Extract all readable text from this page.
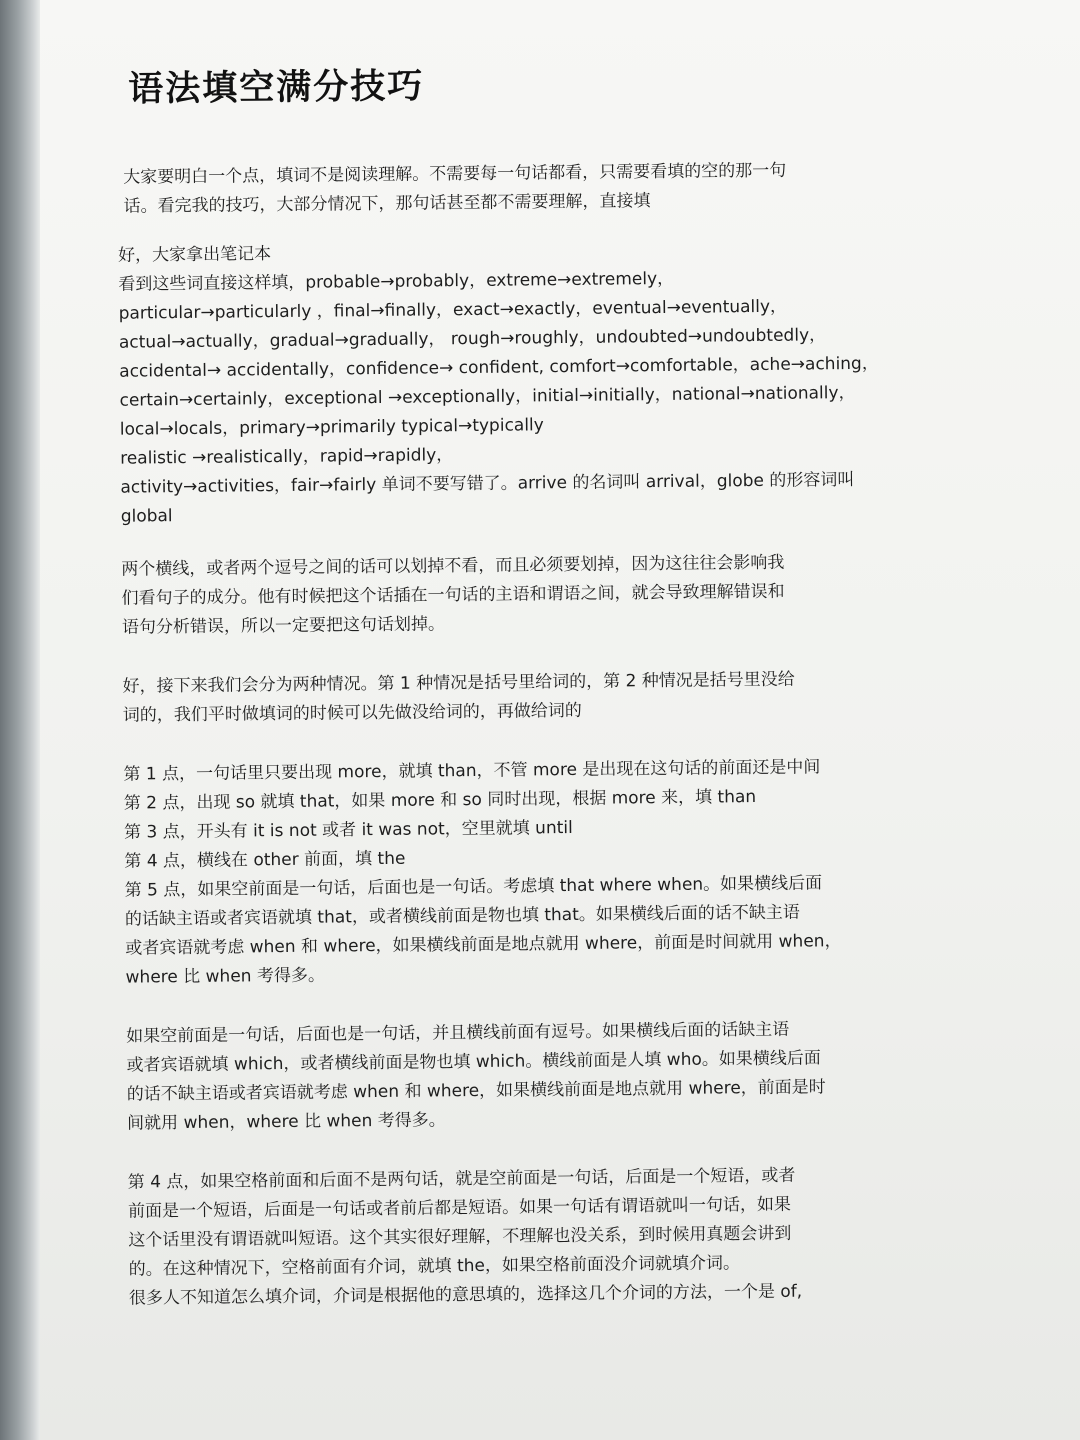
语法填空满分技巧

大家要明白一个点，填词不是阅读理解。不需要每一句话都看，只需要看填的空的那一句

话。看完我的技巧，大部分情况下，那句话甚至都不需要理解，直接填

好，大家拿出笔记本

看到这些词直接这样填，probable→probably，extreme→extremely，

particular→particularly ，final→finally，exact→exactly，eventual→eventually，

actual→actually，gradual→gradually， rough→roughly，undoubted→undoubtedly，

accidental→ accidentally，confidence→ confident, comfort→comfortable，ache→aching，

certain→certainly，exceptional →exceptionally，initial→initially，national→nationally，

local→locals，primary→primarily typical→typically

realistic →realistically，rapid→rapidly，

activity→activities，fair→fairly 单词不要写错了。arrive 的名词叫 arrival，globe 的形容词叫

global

两个横线，或者两个逗号之间的话可以划掉不看，而且必须要划掉，因为这往往会影响我

们看句子的成分。他有时候把这个话插在一句话的主语和谓语之间，就会导致理解错误和

语句分析错误，所以一定要把这句话划掉。

好，接下来我们会分为两种情况。第 1 种情况是括号里给词的，第 2 种情况是括号里没给

词的，我们平时做填词的时候可以先做没给词的，再做给词的

第 1 点，一句话里只要出现 more，就填 than，不管 more 是出现在这句话的前面还是中间

第 2 点，出现 so 就填 that，如果 more 和 so 同时出现，根据 more 来，填 than

第 3 点，开头有 it is not 或者 it was not，空里就填 until

第 4 点，横线在 other 前面，填 the

第 5 点，如果空前面是一句话，后面也是一句话。考虑填 that where when。如果横线后面

的话缺主语或者宾语就填 that，或者横线前面是物也填 that。如果横线后面的话不缺主语

或者宾语就考虑 when 和 where，如果横线前面是地点就用 where，前面是时间就用 when，

where 比 when 考得多。

如果空前面是一句话，后面也是一句话，并且横线前面有逗号。如果横线后面的话缺主语

或者宾语就填 which，或者横线前面是物也填 which。横线前面是人填 who。如果横线后面

的话不缺主语或者宾语就考虑 when 和 where，如果横线前面是地点就用 where，前面是时

间就用 when，where 比 when 考得多。

第 4 点，如果空格前面和后面不是两句话，就是空前面是一句话，后面是一个短语，或者

前面是一个短语，后面是一句话或者前后都是短语。如果一句话有谓语就叫一句话，如果

这个话里没有谓语就叫短语。这个其实很好理解，不理解也没关系，到时候用真题会讲到

的。在这种情况下，空格前面有介词，就填 the，如果空格前面没介词就填介词。

很多人不知道怎么填介词，介词是根据他的意思填的，选择这几个介词的方法，一个是 of,
